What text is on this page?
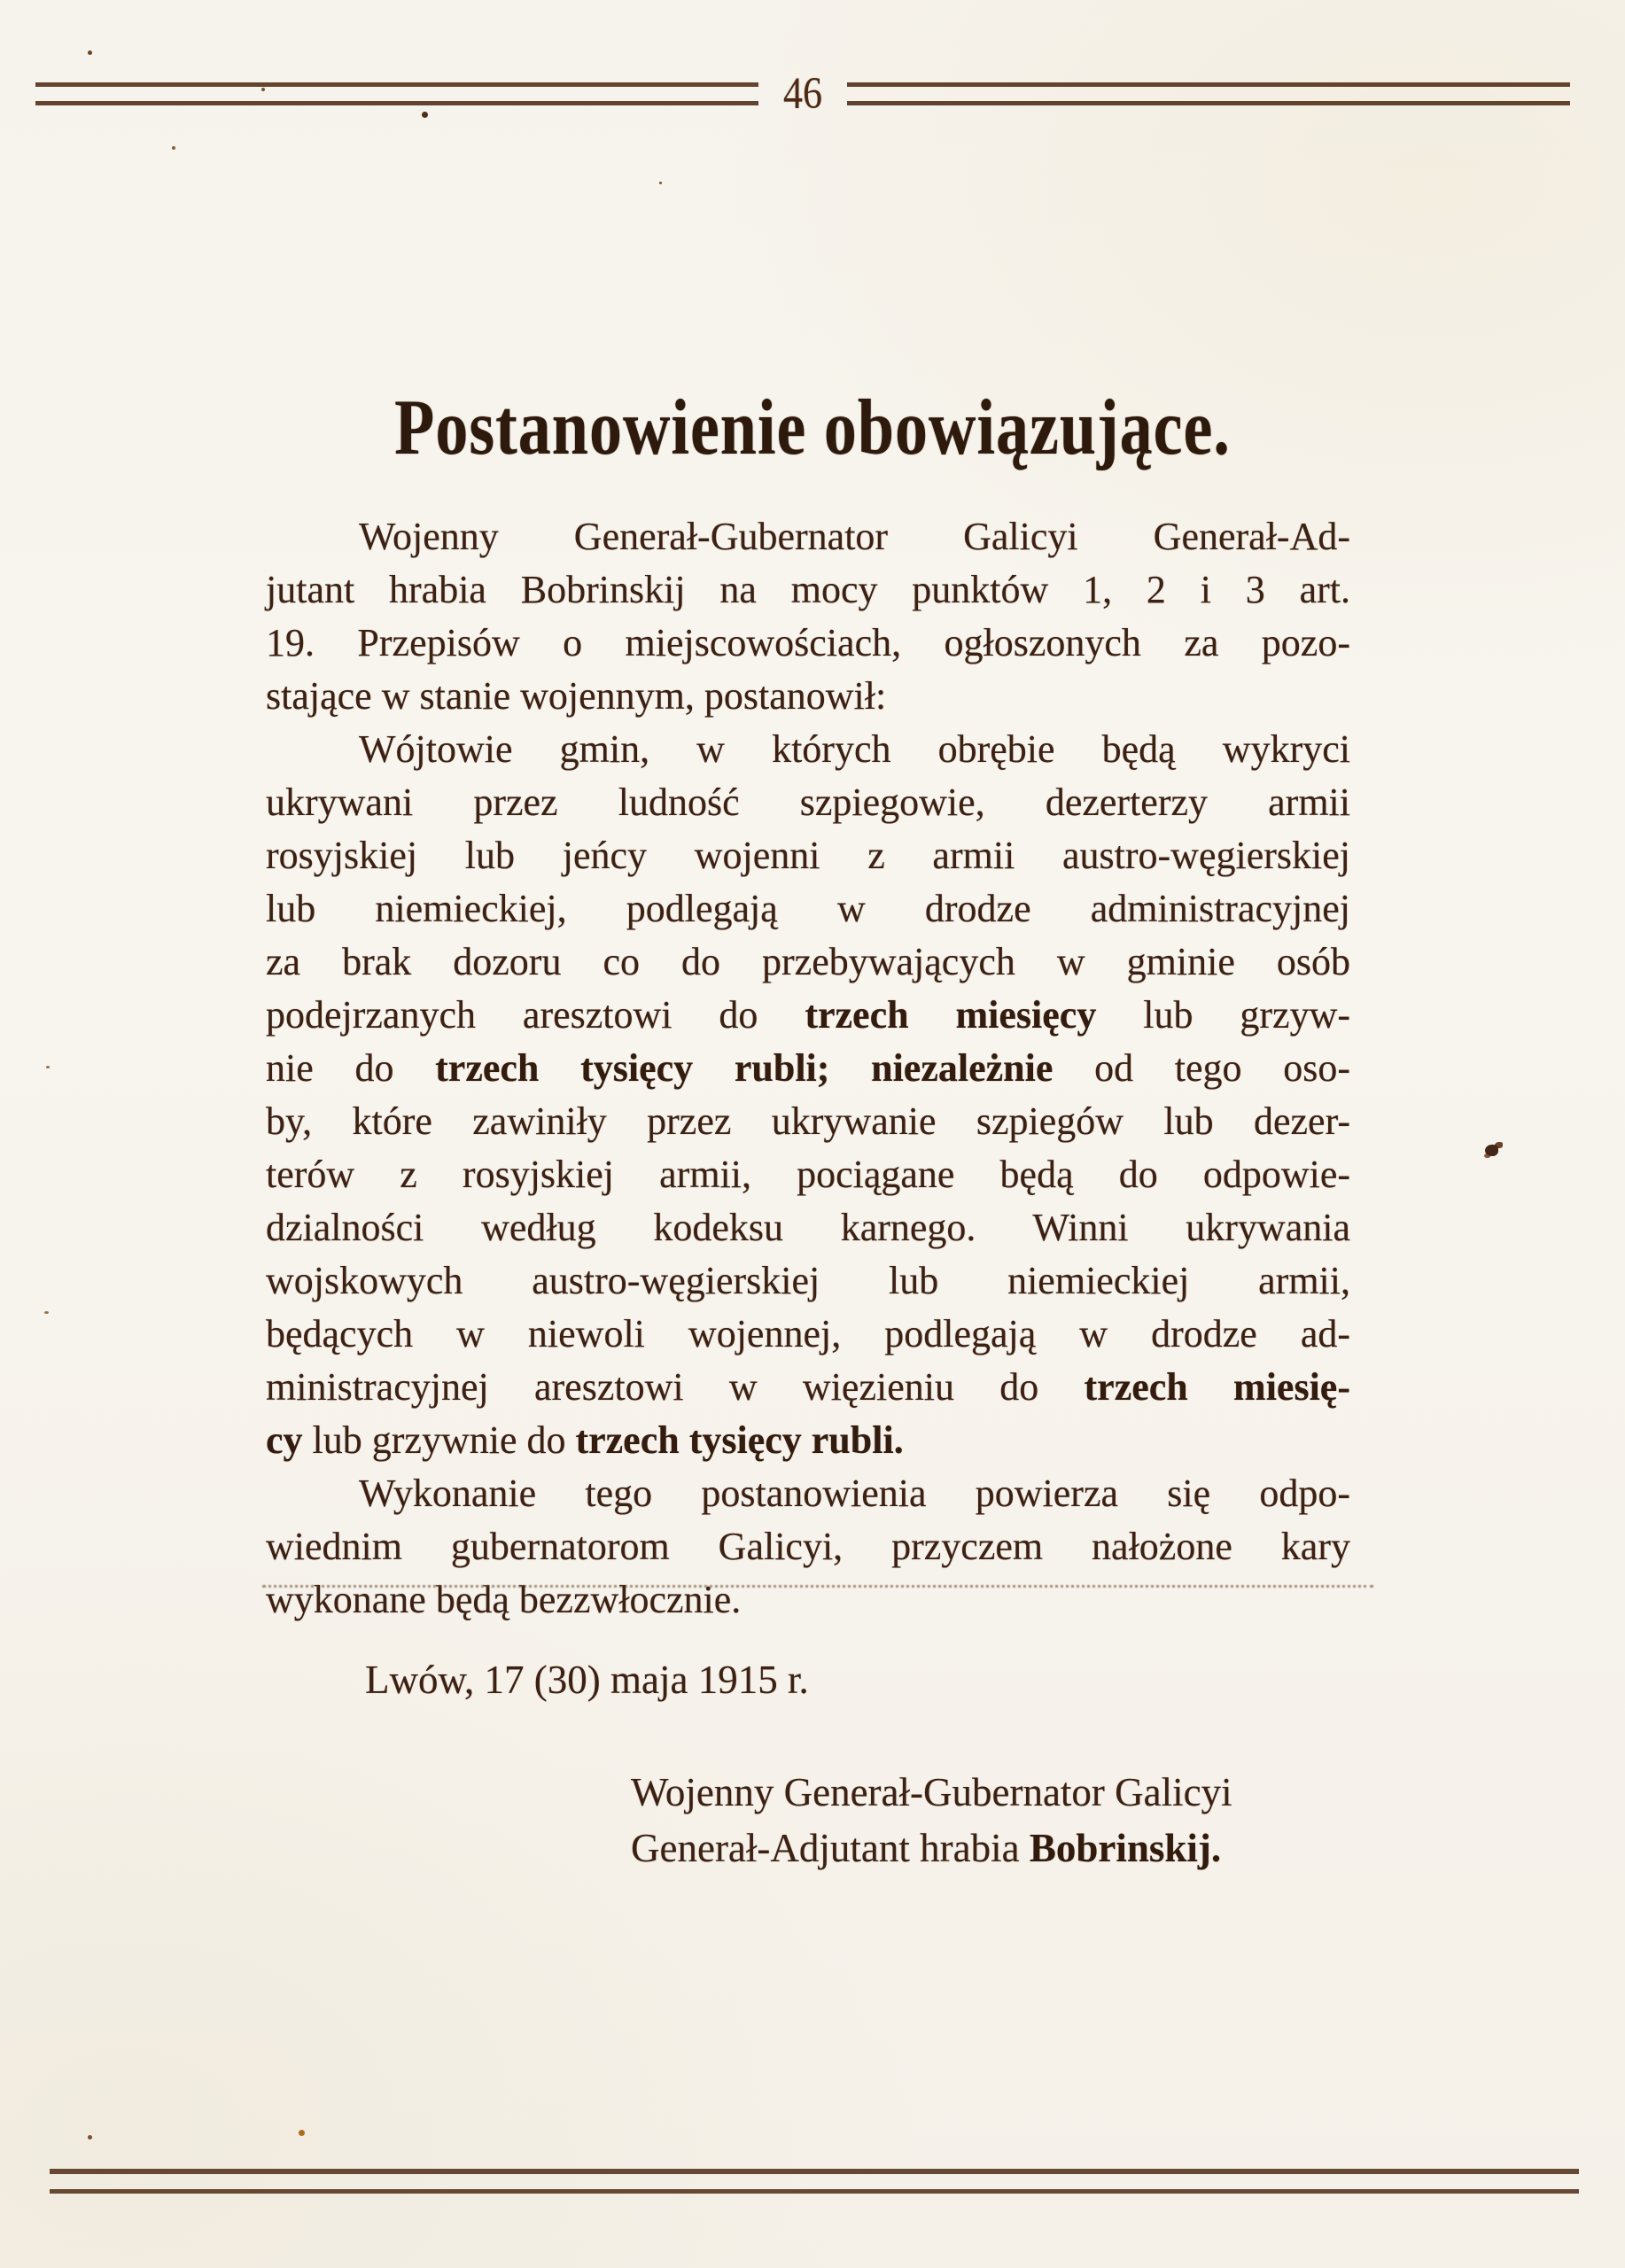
46
Postanowienie obowiązujące.
Wojenny Generał-Gubernator Galicyi Generał-Ad-
jutant hrabia Bobrinskij na mocy punktów 1, 2 i 3 art.
19. Przepisów o miejscowościach, ogłoszonych za pozo-
stające w stanie wojennym, postanowił:
Wójtowie gmin, w których obrębie będą wykryci
ukrywani przez ludność szpiegowie, dezerterzy armii
rosyjskiej lub jeńcy wojenni z armii austro-węgierskiej
lub niemieckiej, podlegają w drodze administracyjnej
za brak dozoru co do przebywających w gminie osób
podejrzanych aresztowi do trzech miesięcy lub grzyw-
nie do trzech tysięcy rubli; niezależnie od tego oso-
by, które zawiniły przez ukrywanie szpiegów lub dezer-
terów z rosyjskiej armii, pociągane będą do odpowie-
dzialności według kodeksu karnego. Winni ukrywania
wojskowych austro-węgierskiej lub niemieckiej armii,
będących w niewoli wojennej, podlegają w drodze ad-
ministracyjnej aresztowi w więzieniu do trzech miesię-
cy lub grzywnie do trzech tysięcy rubli.
Wykonanie tego postanowienia powierza się odpo-
wiednim gubernatorom Galicyi, przyczem nałożone kary
wykonane będą bezzwłocznie.
Lwów, 17 (30) maja 1915 r.
Wojenny Generał-Gubernator Galicyi
Generał-Adjutant hrabia Bobrinskij.
